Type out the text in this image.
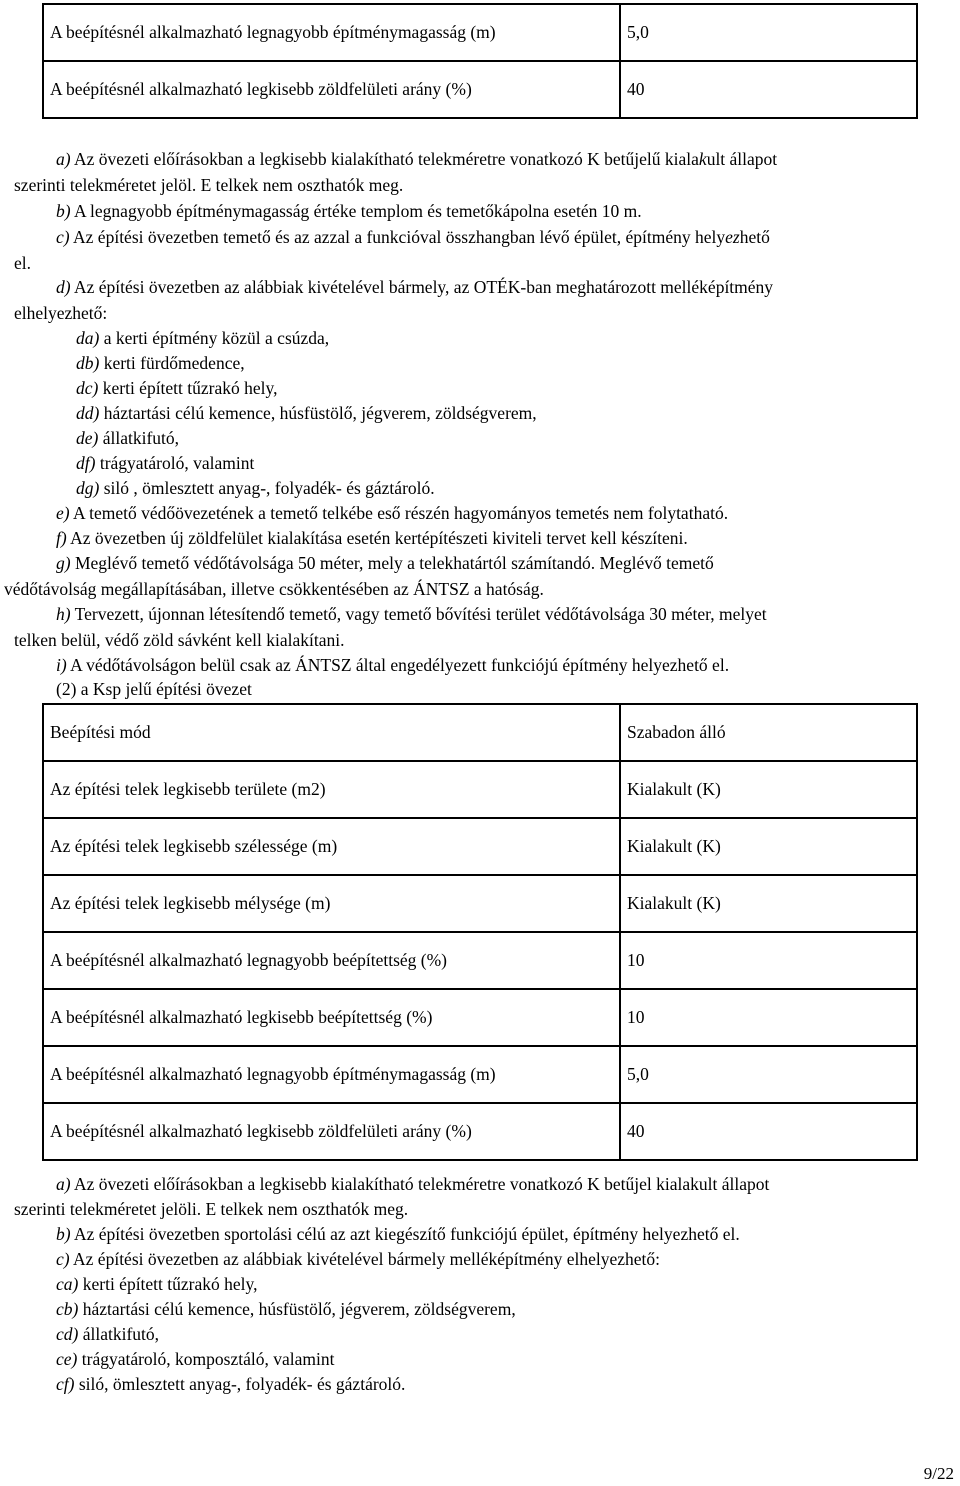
A beépítésnél alkalmazható legnagyobb építménymagasság (m)	5,0
A beépítésnél alkalmazható legkisebb zöldfelületi arány (%)	40
a) Az övezeti előírásokban a legkisebb kialakítható telekméretre vonatkozó K betűjelű kialakult állapot
szerinti telekméretet jelöl. E telkek nem oszthatók meg.
b) A legnagyobb építménymagasság értéke templom és temetőkápolna esetén 10 m.
c) Az építési övezetben temető és az azzal a funkcióval összhangban lévő épület, építmény helyezhető
el.
d) Az építési övezetben az alábbiak kivételével bármely, az OTÉK-ban meghatározott melléképítmény
elhelyezhető:
da) a kerti építmény közül a csúzda,
db) kerti fürdőmedence,
dc) kerti épített tűzrakó hely,
dd) háztartási célú kemence, húsfüstölő, jégverem, zöldségverem,
de) állatkifutó,
df) trágyatároló, valamint
dg) siló , ömlesztett anyag-, folyadék- és gáztároló.
e) A temető védőövezetének a temető telkébe eső részén hagyományos temetés nem folytatható.
f) Az övezetben új zöldfelület kialakítása esetén kertépítészeti kiviteli tervet kell készíteni.
g) Meglévő temető védőtávolsága 50 méter, mely a telekhatártól számítandó. Meglévő temető
védőtávolság megállapításában, illetve csökkentésében az ÁNTSZ a hatóság.
h) Tervezett, újonnan létesítendő temető, vagy temető bővítési terület védőtávolsága 30 méter, melyet
telken belül, védő zöld sávként kell kialakítani.
i) A védőtávolságon belül csak az ÁNTSZ által engedélyezett funkciójú építmény helyezhető el.
(2) a Ksp jelű építési övezet
Beépítési mód	Szabadon álló
Az építési telek legkisebb területe (m2)	Kialakult (K)
Az építési telek legkisebb szélessége (m)	Kialakult (K)
Az építési telek legkisebb mélysége (m)	Kialakult (K)
A beépítésnél alkalmazható legnagyobb beépítettség (%)	10
A beépítésnél alkalmazható legkisebb beépítettség (%)	10
A beépítésnél alkalmazható legnagyobb építménymagasság (m)	5,0
A beépítésnél alkalmazható legkisebb zöldfelületi arány (%)	40
a) Az övezeti előírásokban a legkisebb kialakítható telekméretre vonatkozó K betűjel kialakult állapot
szerinti telekméretet jelöli. E telkek nem oszthatók meg.
b) Az építési övezetben sportolási célú az azt kiegészítő funkciójú épület, építmény helyezhető el.
c) Az építési övezetben az alábbiak kivételével bármely melléképítmény elhelyezhető:
ca) kerti épített tűzrakó hely,
cb) háztartási célú kemence, húsfüstölő, jégverem, zöldségverem,
cd) állatkifutó,
ce) trágyatároló, komposztáló, valamint
cf) siló, ömlesztett anyag-, folyadék- és gáztároló.
9/22
